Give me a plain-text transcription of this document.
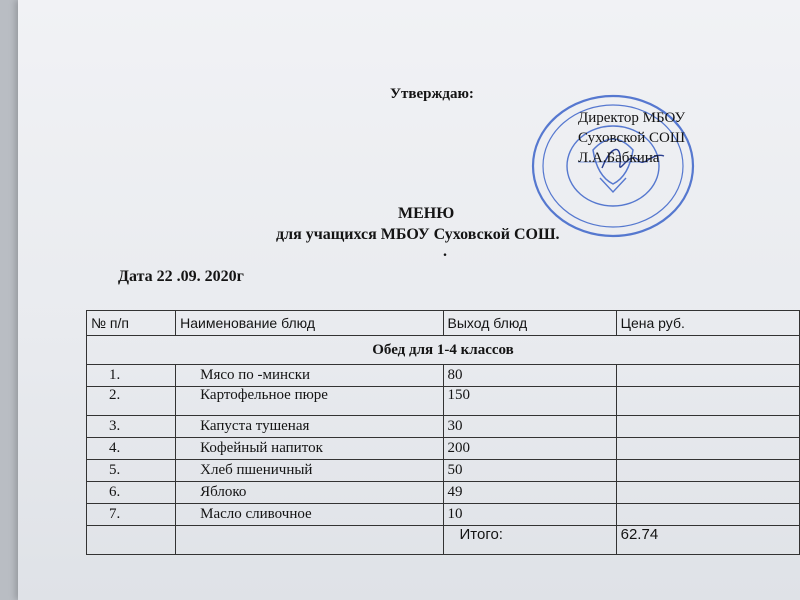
Утверждаю:
Директор МБОУ
Суховской СОШ
Л.А.Бабкина
МЕНЮ
для учащихся МБОУ Суховской СОШ.
.
Дата 22 .09. 2020г
№ п/п	Наименование блюд	Выход блюд	Цена руб.
Обед для 1-4 классов			
1.	Мясо по -мински	80	
2.	Картофельное пюре	150	
3.	Капуста тушеная	30	
4.	Кофейный напиток	200	
5.	Хлеб пшеничный	50	
6.	Яблоко	49	
7.	Масло сливочное	10	
		Итого:	62.74
